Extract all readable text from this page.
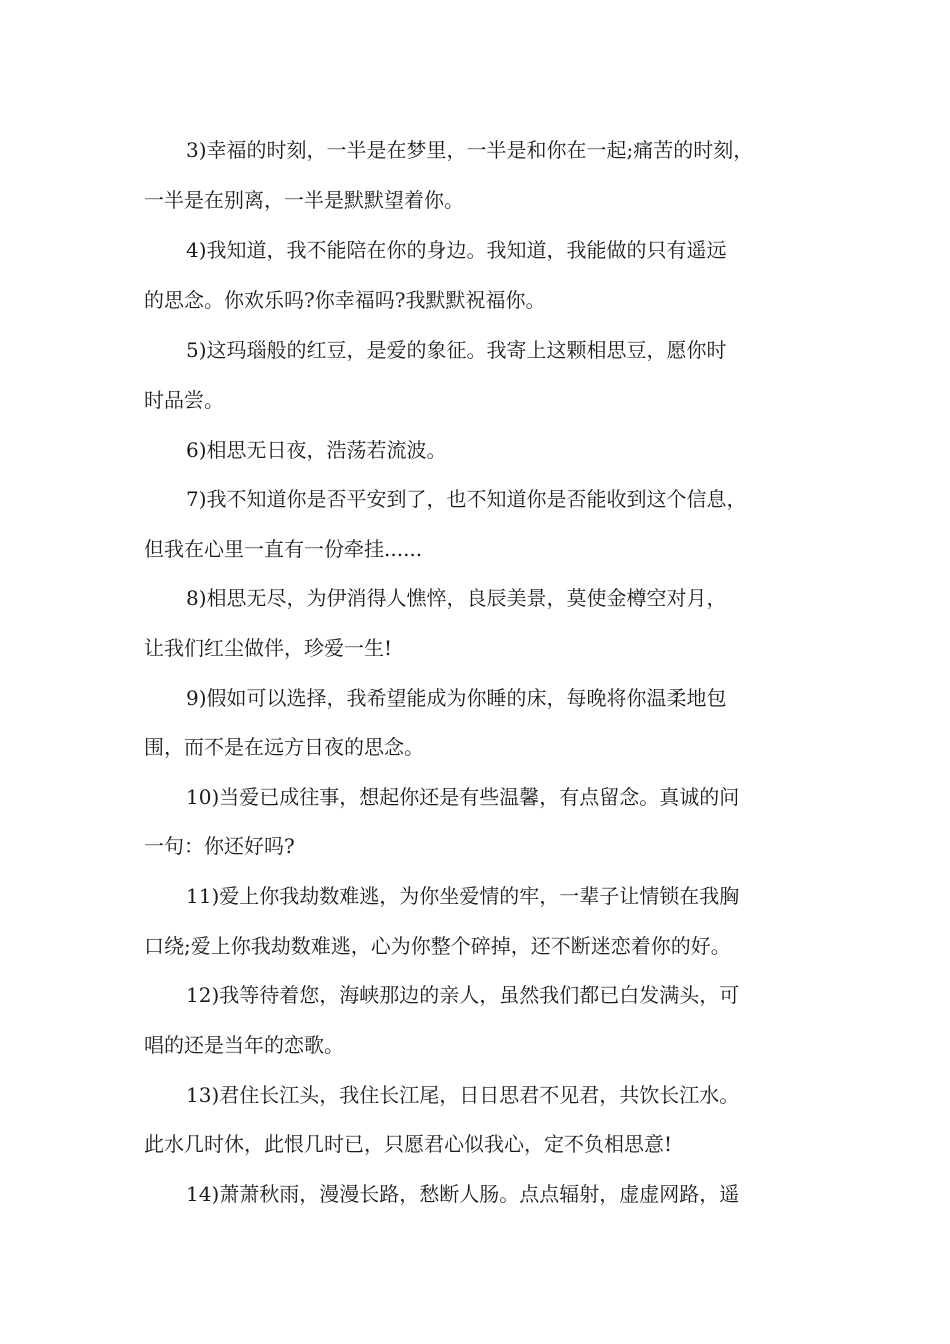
3)幸福的时刻，一半是在梦里，一半是和你在一起;痛苦的时刻，
一半是在别离，一半是默默望着你。
4)我知道，我不能陪在你的身边。我知道，我能做的只有遥远
的思念。你欢乐吗?你幸福吗?我默默祝福你。
5)这玛瑙般的红豆，是爱的象征。我寄上这颗相思豆，愿你时
时品尝。
6)相思无日夜，浩荡若流波。
7)我不知道你是否平安到了，也不知道你是否能收到这个信息，
但我在心里一直有一份牵挂......
8)相思无尽，为伊消得人憔悴，良辰美景，莫使金樽空对月，
让我们红尘做伴，珍爱一生!
9)假如可以选择，我希望能成为你睡的床，每晚将你温柔地包
围，而不是在远方日夜的思念。
10)当爱已成往事，想起你还是有些温馨，有点留念。真诚的问
一句：你还好吗?
11)爱上你我劫数难逃，为你坐爱情的牢，一辈子让情锁在我胸
口绕;爱上你我劫数难逃，心为你整个碎掉，还不断迷恋着你的好。
12)我等待着您，海峡那边的亲人，虽然我们都已白发满头，可
唱的还是当年的恋歌。
13)君住长江头，我住长江尾，日日思君不见君，共饮长江水。
此水几时休，此恨几时已，只愿君心似我心，定不负相思意!
14)萧萧秋雨，漫漫长路，愁断人肠。点点辐射，虚虚网路，遥
